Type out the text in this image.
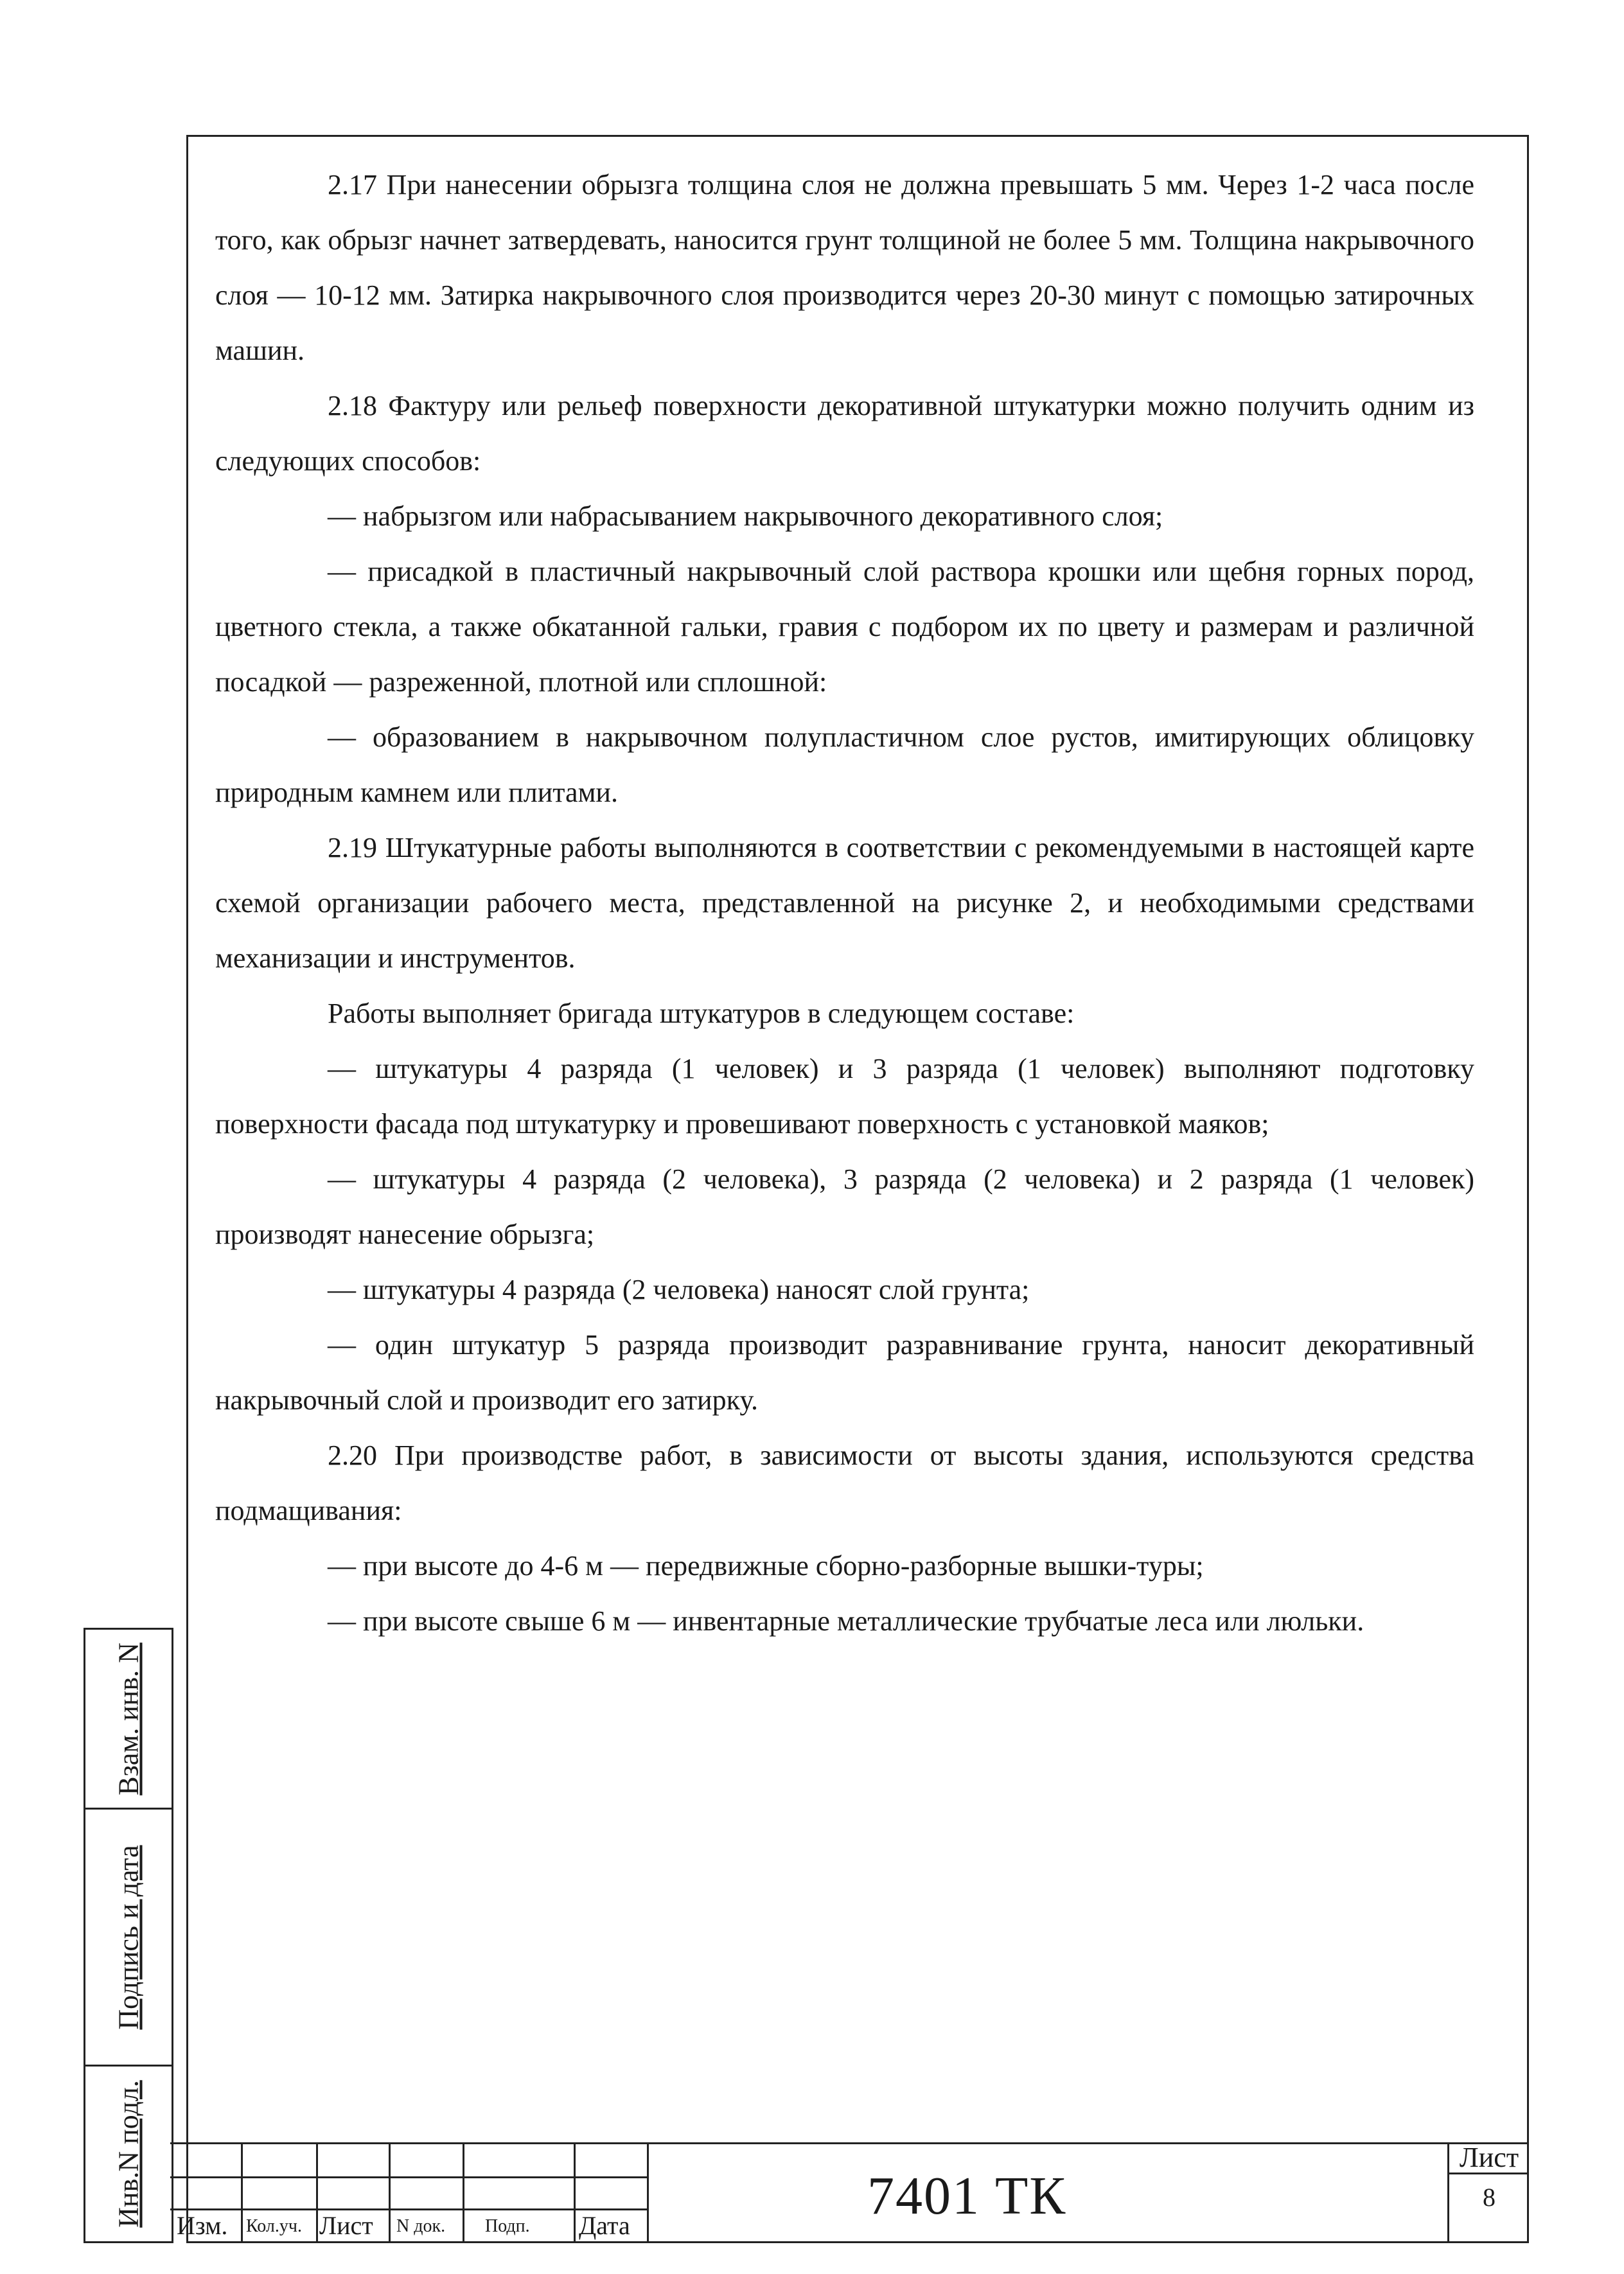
2.17 При нанесении обрызга толщина слоя не должна превышать 5 мм. Через 1-2 часа после того, как обрызг начнет затвердевать, наносится грунт толщиной не более 5 мм. Толщина накрывочного слоя — 10-12 мм. Затирка накрывочного слоя производится через 20-30 минут с помощью затирочных машин.

2.18 Фактуру или рельеф поверхности декоративной штукатурки можно получить одним из следующих способов:

— набрызгом или набрасыванием накрывочного декоративного слоя;

— присадкой в пластичный накрывочный слой раствора крошки или щебня горных пород, цветного стекла, а также обкатанной гальки, гравия с подбором их по цвету и размерам и различной посадкой — разреженной, плотной или сплошной:

— образованием в накрывочном полупластичном слое рустов, имитирующих облицовку природным камнем или плитами.

2.19 Штукатурные работы выполняются в соответствии с рекомендуемыми в настоящей карте схемой организации рабочего места, представленной на рисунке 2, и необходимыми средствами механизации и инструментов.

Работы выполняет бригада штукатуров в следующем составе:

— штукатуры 4 разряда (1 человек) и 3 разряда (1 человек) выполняют подготовку поверхности фасада под штукатурку и провешивают поверхность с установкой маяков;

— штукатуры 4 разряда (2 человека), 3 разряда (2 человека) и 2 разряда (1 человек) производят нанесение обрызга;

— штукатуры 4 разряда (2 человека) наносят слой грунта;

— один штукатур 5 разряда производит разравнивание грунта, наносит декоративный накрывочный слой и производит его затирку.

2.20 При производстве работ, в зависимости от высоты здания, используются средства подмащивания:

— при высоте до 4-6 м — передвижные сборно-разборные вышки-туры;

— при высоте свыше 6 м — инвентарные металлические трубчатые леса или люльки.

Взам. инв. N
Подпись и дата
Инв.N подл. Изм. Кол.уч. Лист N док. Подп. Дата	7401 ТК
Лист
8
